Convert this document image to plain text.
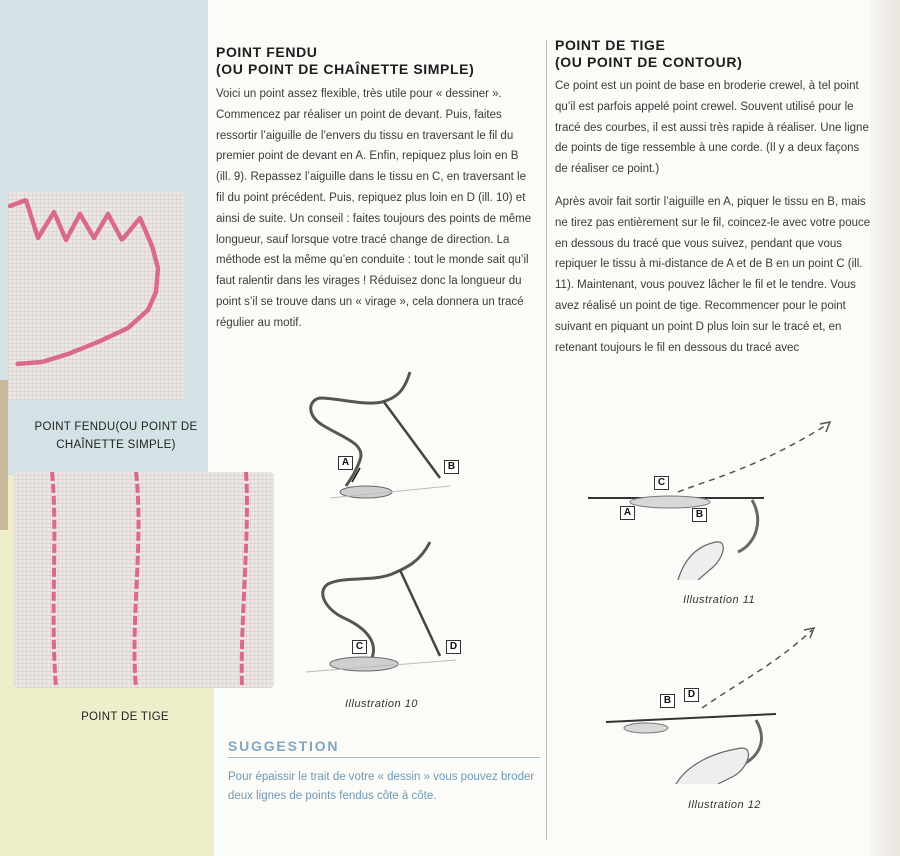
POINT FENDU(OU POINT DE
CHAÎNETTE SIMPLE)
POINT DE TIGE
POINT FENDU
(OU POINT DE CHAÎNETTE SIMPLE)

Voici un point assez flexible, très utile pour « dessiner ». Commencez par réaliser un point de devant. Puis, faites ressortir l’aiguille de l’envers du tissu en traversant le fil du premier point de devant en A. Enfin, repiquez plus loin en B (ill. 9). Repassez l’aiguille dans le tissu en C, en traversant le fil du point précédent. Puis, repiquez plus loin en D (ill. 10) et ainsi de suite. Un conseil : faites toujours des points de même longueur, sauf lorsque votre tracé change de direction. La méthode est la même qu’en conduite : tout le monde sait qu’il faut ralentir dans les virages ! Réduisez donc la longueur du point s’il se trouve dans un « virage », cela donnera un tracé régulier au motif.

POINT DE TIGE
(OU POINT DE CONTOUR)

Ce point est un point de base en broderie crewel, à tel point qu’il est parfois appelé point crewel. Souvent utilisé pour le tracé des courbes, il est aussi très rapide à réaliser. Une ligne de points de tige ressemble à une corde. (Il y a deux façons de réaliser ce point.)

Après avoir fait sortir l’aiguille en A, piquer le tissu en B, mais ne tirez pas entièrement sur le fil, coincez-le avec votre pouce en dessous du tracé que vous suivez, pendant que vous repiquer le tissu à mi-distance de A et de B en un point C (ill. 11). Maintenant, vous pouvez lâcher le fil et le tendre. Vous avez réalisé un point de tige. Recommencer pour le point suivant en piquant un point D plus loin sur le tracé et, en retenant toujours le fil en dessous du tracé avec

A	B
C	D
Illustration 10
C
A	B
Illustration 11
B
D
Illustration 12
SUGGESTION

Pour épaissir le trait de votre « dessin » vous pouvez broder deux lignes de points fendus côte à côte.
